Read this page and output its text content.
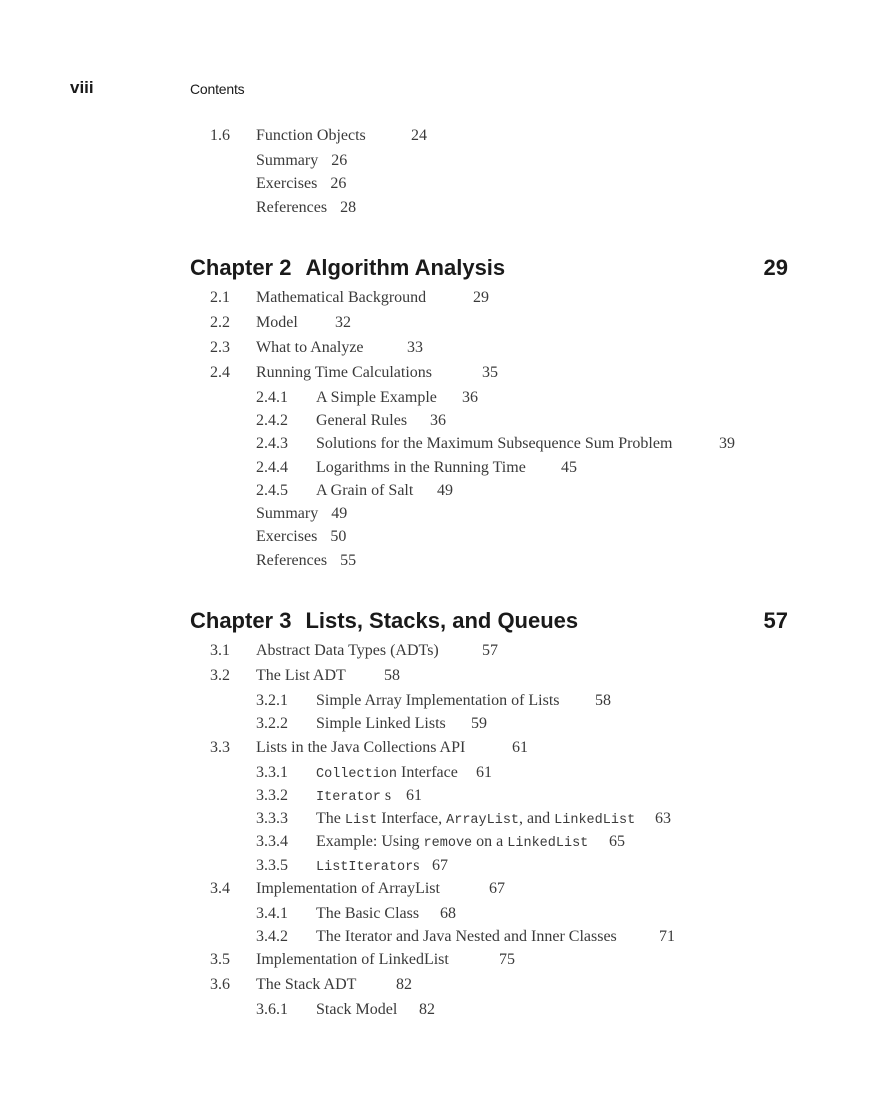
viii	Contents
1.6 Function Objects	24
Summary 26
Exercises 26
References 28
Chapter 2 Algorithm Analysis	29
2.1 Mathematical Background	29
2.2 Model 32
2.3 What to Analyze	33
2.4 Running Time Calculations	35
2.4.1 A Simple Example 36
2.4.2 General Rules 36
2.4.3 Solutions for the Maximum Subsequence Sum Problem	39
2.4.4 Logarithms in the Running Time 45
2.4.5 A Grain of Salt 49
Summary 49
Exercises 50
References 55
Chapter 3 Lists, Stacks, and Queues	57
3.1 Abstract Data Types (ADTs)	57
3.2 The List ADT 58
3.2.1 Simple Array Implementation of Lists 58
3.2.2 Simple Linked Lists 59
3.3 Lists in the Java Collections API	61
3.3.1 Collection Interface 61
3.3.2 Iterator s 61
3.3.3 The List Interface, ArrayList, and LinkedList 63
3.3.4 Example: Using remove on a LinkedList 65
3.3.5 ListIterators 67
3.4 Implementation of ArrayList	67
3.4.1 The Basic Class 68
3.4.2 The Iterator and Java Nested and Inner Classes	71
3.5 Implementation of LinkedList	75
3.6 The Stack ADT 82
3.6.1 Stack Model 82
